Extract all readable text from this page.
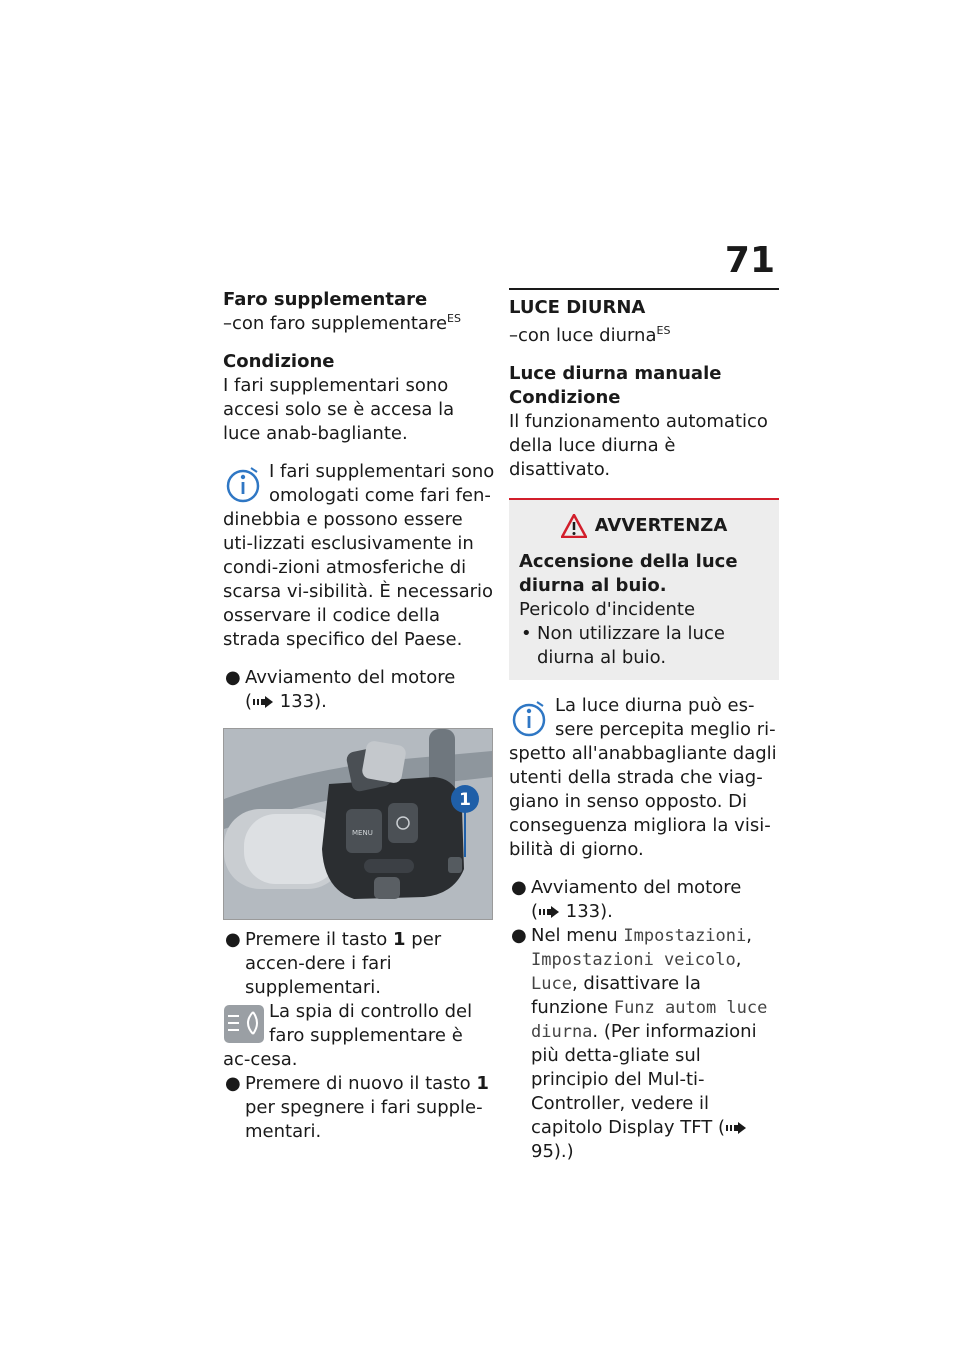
71
Faro supplementare
–con faro supplementare$^{ES}$
Condizione
I fari supplementari sono accesi solo se è accesa la luce anab-bagliante.
I fari supplementari sono omologati come fari fen-dinebbia e possono essere uti-lizzati esclusivamente in condi-zioni atmosferiche di scarsa vi-sibilità. È necessario osservare il codice della strada specifico del Paese.
● Avviamento del motore
( 133).
MENU
1
● Premere il tasto 1 per accen-dere i fari supplementari.
La spia di controllo del faro supplementare è ac-cesa.
● Premere di nuovo il tasto 1 per spegnere i fari supple-mentari.
LUCE DIURNA
–con luce diurna$^{ES}$
Luce diurna manuale
Condizione
Il funzionamento automatico della luce diurna è disattivato.
AVVERTENZA
Accensione della luce diurna al buio.
Pericolo d'incidente
• Non utilizzare la luce diurna al buio.
La luce diurna può es-sere percepita meglio ri-spetto all'anabbagliante dagli utenti della strada che viag-giano in senso opposto. Di conseguenza migliora la visi-bilità di giorno.
● Avviamento del motore
( 133).
● Nel menu Impostazioni, Impostazioni veicolo, Luce, disattivare la funzione Funz autom luce diurna. (Per informazioni più detta-gliate sul principio del Mul-ti-Controller, vedere il capitolo Display TFT ( 95).)
